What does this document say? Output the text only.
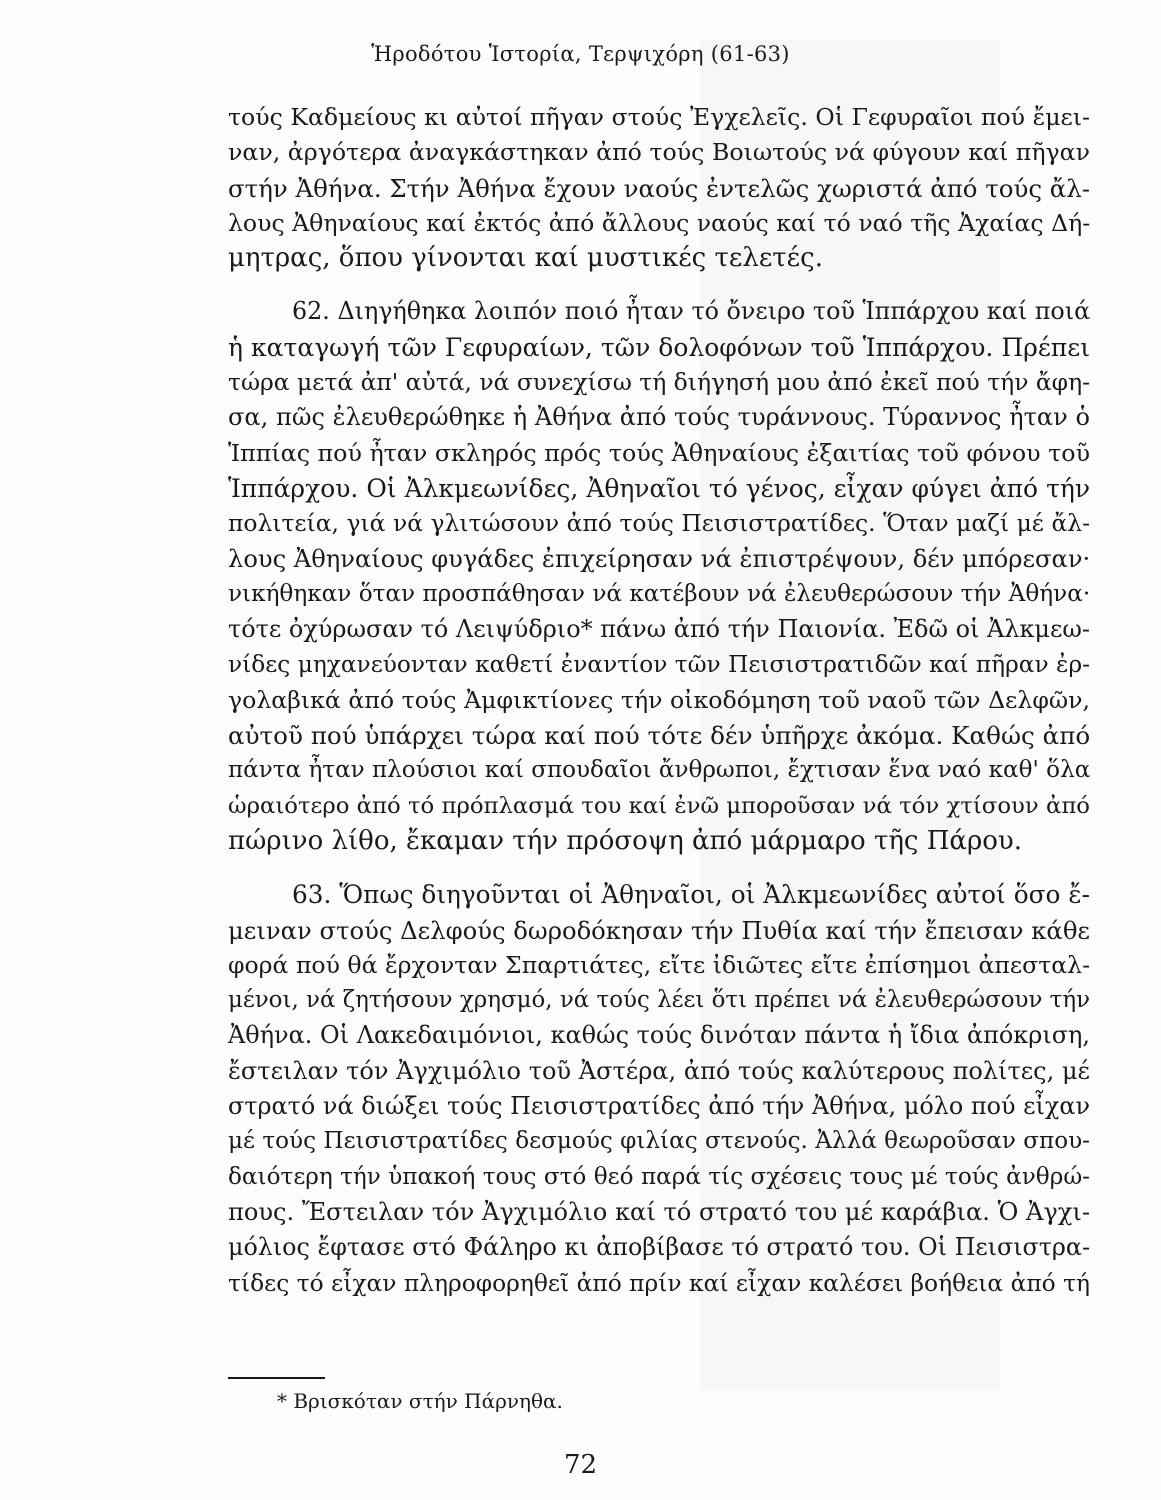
Ἡροδότου Ἱστορία, Τερψιχόρη (61-63)

τούς Καδμείους κι αὐτοί πῆγαν στούς Ἐγχελεῖς. Οἱ Γεφυραῖοι πού ἔμει-
ναν, ἀργότερα ἀναγκάστηκαν ἀπό τούς Βοιωτούς νά φύγουν καί πῆγαν
στήν Ἀθήνα. Στήν Ἀθήνα ἔχουν ναούς ἐντελῶς χωριστά ἀπό τούς ἄλ-
λους Ἀθηναίους καί ἐκτός ἀπό ἄλλους ναούς καί τό ναό τῆς Ἀχαίας Δή-
μητρας, ὅπου γίνονται καί μυστικές τελετές.

62. Διηγήθηκα λοιπόν ποιό ἦταν τό ὄνειρο τοῦ Ἱππάρχου καί ποιά
ἡ καταγωγή τῶν Γεφυραίων, τῶν δολοφόνων τοῦ Ἱππάρχου. Πρέπει
τώρα μετά ἀπ' αὐτά, νά συνεχίσω τή διήγησή μου ἀπό ἐκεῖ πού τήν ἄφη-
σα, πῶς ἐλευθερώθηκε ἡ Ἀθήνα ἀπό τούς τυράννους. Τύραννος ἦταν ὁ
Ἱππίας πού ἦταν σκληρός πρός τούς Ἀθηναίους ἐξαιτίας τοῦ φόνου τοῦ
Ἱππάρχου. Οἱ Ἀλκμεωνίδες, Ἀθηναῖοι τό γένος, εἶχαν φύγει ἀπό τήν
πολιτεία, γιά νά γλιτώσουν ἀπό τούς Πεισιστρατίδες. Ὅταν μαζί μέ ἄλ-
λους Ἀθηναίους φυγάδες ἐπιχείρησαν νά ἐπιστρέψουν, δέν μπόρεσαν·
νικήθηκαν ὅταν προσπάθησαν νά κατέβουν νά ἐλευθερώσουν τήν Ἀθήνα·
τότε ὀχύρωσαν τό Λειψύδριο* πάνω ἀπό τήν Παιονία. Ἐδῶ οἱ Ἀλκμεω-
νίδες μηχανεύονταν καθετί ἐναντίον τῶν Πεισιστρατιδῶν καί πῆραν ἐρ-
γολαβικά ἀπό τούς Ἀμφικτίονες τήν οἰκοδόμηση τοῦ ναοῦ τῶν Δελφῶν,
αὐτοῦ πού ὑπάρχει τώρα καί πού τότε δέν ὑπῆρχε ἀκόμα. Καθώς ἀπό
πάντα ἦταν πλούσιοι καί σπουδαῖοι ἄνθρωποι, ἔχτισαν ἕνα ναό καθ' ὅλα
ὡραιότερο ἀπό τό πρόπλασμά του καί ἐνῶ μποροῦσαν νά τόν χτίσουν ἀπό
πώρινο λίθο, ἔκαμαν τήν πρόσοψη ἀπό μάρμαρο τῆς Πάρου.

63. Ὅπως διηγοῦνται οἱ Ἀθηναῖοι, οἱ Ἀλκμεωνίδες αὐτοί ὅσο ἔ-
μειναν στούς Δελφούς δωροδόκησαν τήν Πυθία καί τήν ἔπεισαν κάθε
φορά πού θά ἔρχονταν Σπαρτιάτες, εἴτε ἰδιῶτες εἴτε ἐπίσημοι ἀπεσταλ-
μένοι, νά ζητήσουν χρησμό, νά τούς λέει ὅτι πρέπει νά ἐλευθερώσουν τήν
Ἀθήνα. Οἱ Λακεδαιμόνιοι, καθώς τούς δινόταν πάντα ἡ ἴδια ἀπόκριση,
ἔστειλαν τόν Ἀγχιμόλιο τοῦ Ἀστέρα, ἀπό τούς καλύτερους πολίτες, μέ
στρατό νά διώξει τούς Πεισιστρατίδες ἀπό τήν Ἀθήνα, μόλο πού εἶχαν
μέ τούς Πεισιστρατίδες δεσμούς φιλίας στενούς. Ἀλλά θεωροῦσαν σπου-
δαιότερη τήν ὑπακοή τους στό θεό παρά τίς σχέσεις τους μέ τούς ἀνθρώ-
πους. Ἔστειλαν τόν Ἀγχιμόλιο καί τό στρατό του μέ καράβια. Ὁ Ἀγχι-
μόλιος ἔφτασε στό Φάληρο κι ἀποβίβασε τό στρατό του. Οἱ Πεισιστρα-
τίδες τό εἶχαν πληροφορηθεῖ ἀπό πρίν καί εἶχαν καλέσει βοήθεια ἀπό τή

* Βρισκόταν στήν Πάρνηθα.
72
